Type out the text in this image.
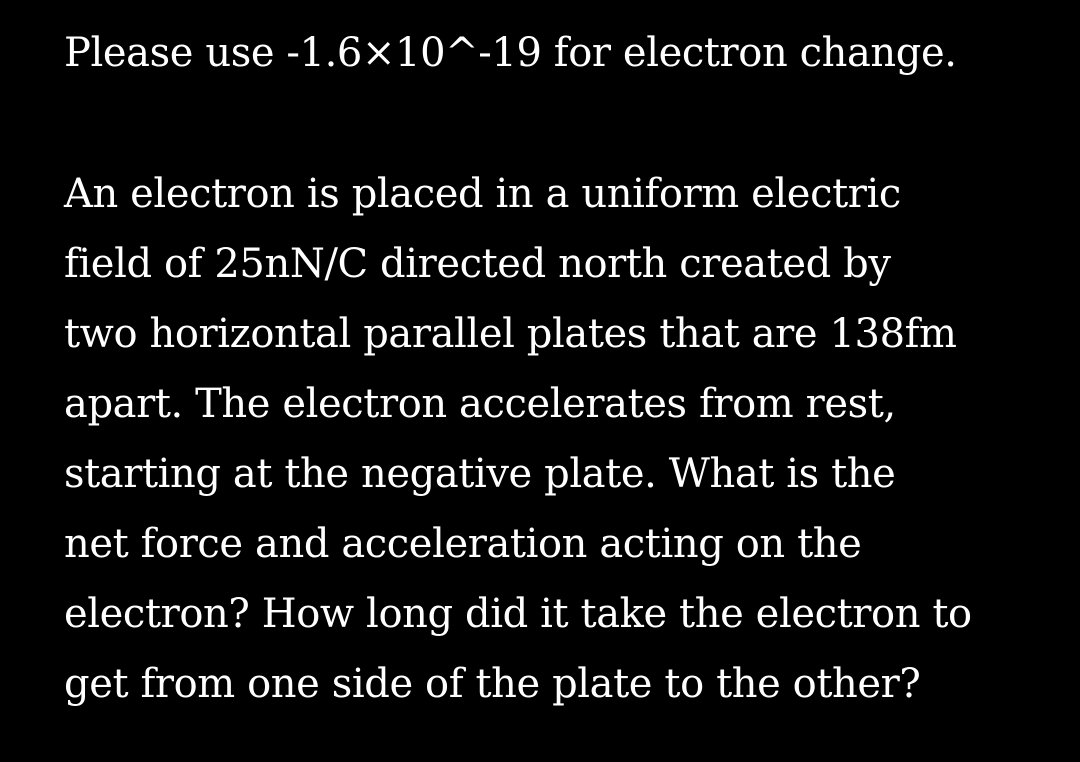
Please use -1.6×10^-19 for electron change.
An electron is placed in a uniform electric
field of 25nN/C directed north created by
two horizontal parallel plates that are 138fm
apart. The electron accelerates from rest,
starting at the negative plate. What is the
net force and acceleration acting on the
electron? How long did it take the electron to
get from one side of the plate to the other?
